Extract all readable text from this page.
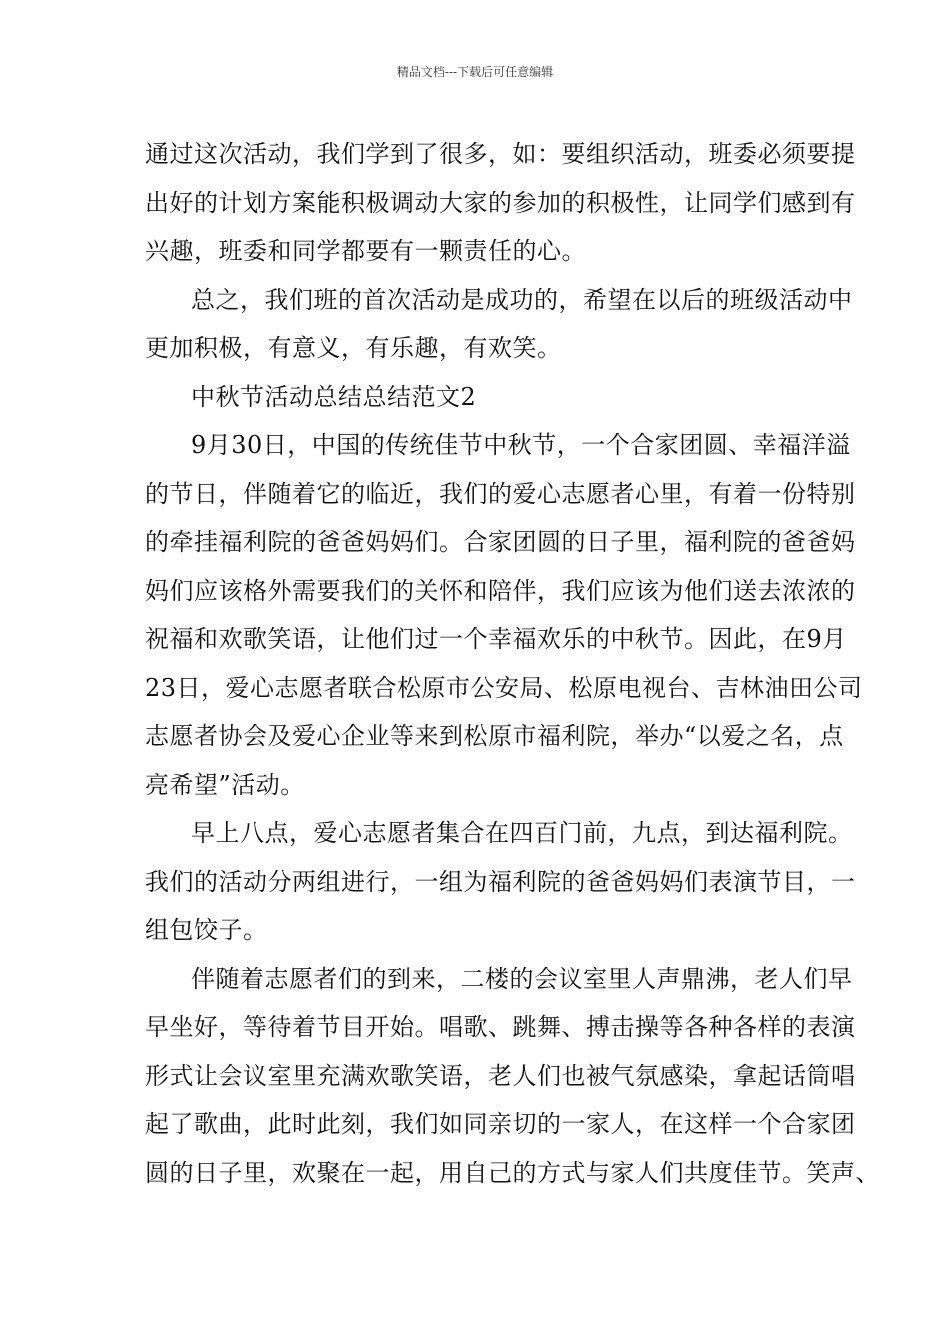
精品文档---下载后可任意编辑
通过这次活动，我们学到了很多，如：要组织活动，班委必须要提
出好的计划方案能积极调动大家的参加的积极性，让同学们感到有
兴趣，班委和同学都要有一颗责任的心。
总之，我们班的首次活动是成功的，希望在以后的班级活动中
更加积极，有意义，有乐趣，有欢笑。
中秋节活动总结总结范文2
9月30日，中国的传统佳节中秋节，一个合家团圆、幸福洋溢
的节日，伴随着它的临近，我们的爱心志愿者心里，有着一份特别
的牵挂福利院的爸爸妈妈们。合家团圆的日子里，福利院的爸爸妈
妈们应该格外需要我们的关怀和陪伴，我们应该为他们送去浓浓的
祝福和欢歌笑语，让他们过一个幸福欢乐的中秋节。因此，在9月
23日，爱心志愿者联合松原市公安局、松原电视台、吉林油田公司
志愿者协会及爱心企业等来到松原市福利院，举办“以爱之名，点
亮希望”活动。
早上八点，爱心志愿者集合在四百门前，九点，到达福利院。
我们的活动分两组进行，一组为福利院的爸爸妈妈们表演节目，一
组包饺子。
伴随着志愿者们的到来，二楼的会议室里人声鼎沸，老人们早
早坐好，等待着节目开始。唱歌、跳舞、搏击操等各种各样的表演
形式让会议室里充满欢歌笑语，老人们也被气氛感染，拿起话筒唱
起了歌曲，此时此刻，我们如同亲切的一家人，在这样一个合家团
圆的日子里，欢聚在一起，用自己的方式与家人们共度佳节。笑声、
